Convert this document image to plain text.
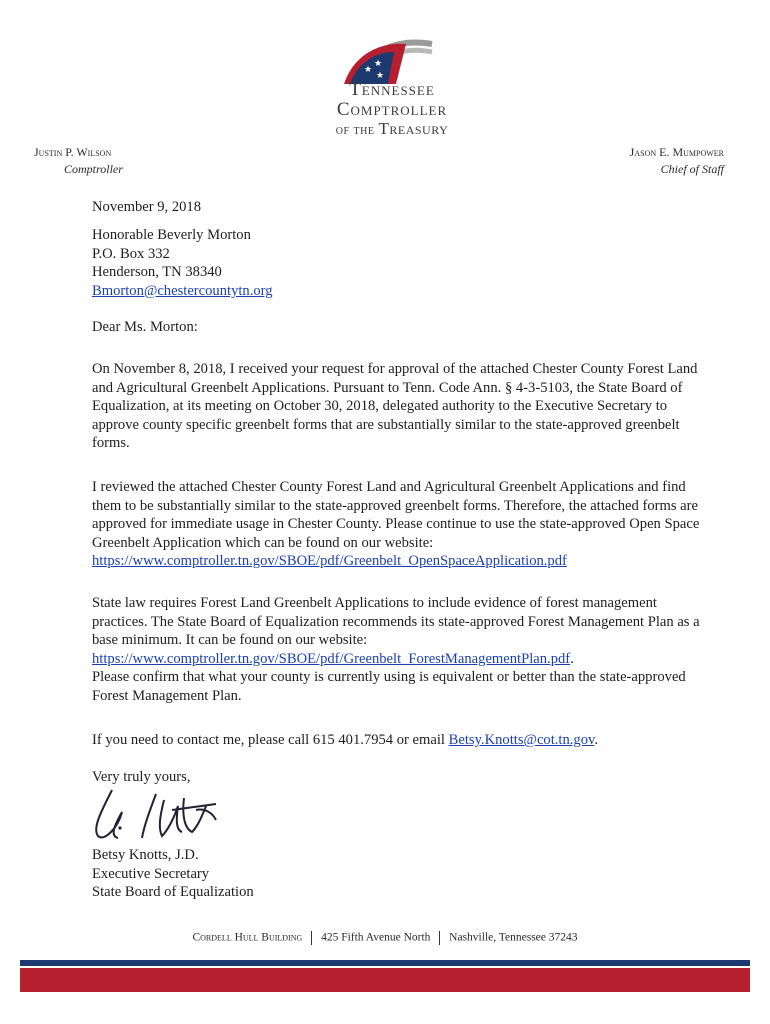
★
★
★
Tennessee
Comptroller
of the Treasury
Justin P. Wilson
Comptroller
Jason E. Mumpower
Chief of Staff
November 9, 2018

Honorable Beverly Morton

P.O. Box 332

Henderson, TN 38340

Bmorton@chestercountytn.org

Dear Ms. Morton:
On November 8, 2018, I received your request for approval of the attached Chester County Forest Land and Agricultural Greenbelt Applications. Pursuant to Tenn. Code Ann. § 4-3-5103, the State Board of Equalization, at its meeting on October 30, 2018, delegated authority to the Executive Secretary to approve county specific greenbelt forms that are substantially similar to the state-approved greenbelt forms.

I reviewed the attached Chester County Forest Land and Agricultural Greenbelt Applications and find them to be substantially similar to the state-approved greenbelt forms. Therefore, the attached forms are approved for immediate usage in Chester County. Please continue to use the state-approved Open Space Greenbelt Application which can be found on our website:

https://www.comptroller.tn.gov/SBOE/pdf/Greenbelt_OpenSpaceApplication.pdf

State law requires Forest Land Greenbelt Applications to include evidence of forest management practices. The State Board of Equalization recommends its state-approved Forest Management Plan as a base minimum. It can be found on our website:

https://www.comptroller.tn.gov/SBOE/pdf/Greenbelt_ForestManagementPlan.pdf.

Please confirm that what your county is currently using is equivalent or better than the state-approved Forest Management Plan.

If you need to contact me, please call 615 401.7954 or email Betsy.Knotts@cot.tn.gov.
Very truly yours,

Betsy Knotts, J.D.

Executive Secretary

State Board of Equalization

Cordell Hull Building 425 Fifth Avenue North Nashville, Tennessee 37243
